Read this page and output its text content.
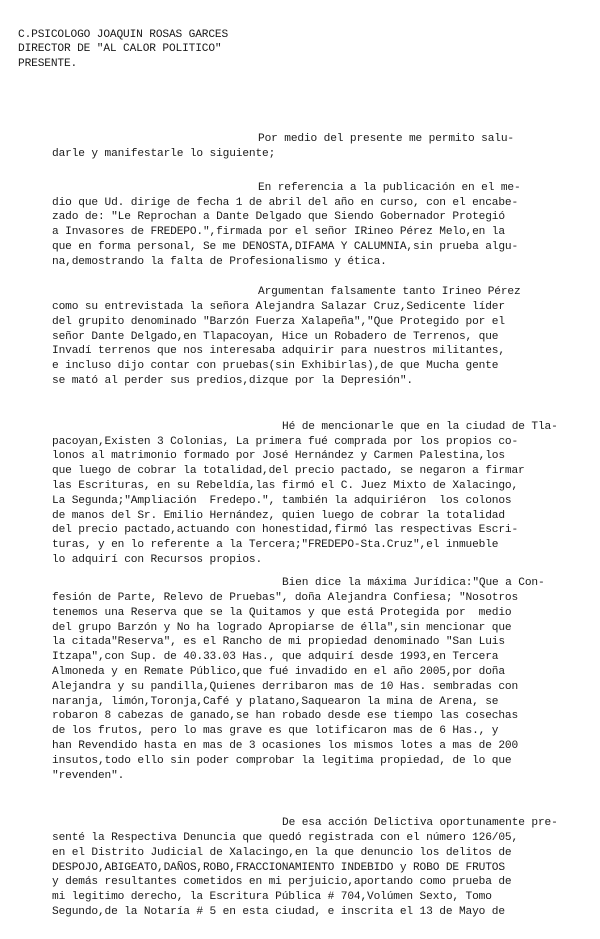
C.PSICOLOGO JOAQUIN ROSAS GARCES
DIRECTOR DE "AL CALOR POLITICO"
PRESENTE.
Por medio del presente me permito salu-
darle y manifestarle lo siguiente;
En referencia a la publicación en el me-
dio que Ud. dirige de fecha 1 de abril del año en curso, con el encabe-
zado de: "Le Reprochan a Dante Delgado que Siendo Gobernador Protegió
a Invasores de FREDEPO.",firmada por el señor IRineo Pérez Melo,en la
que en forma personal, Se me DENOSTA,DIFAMA Y CALUMNIA,sin prueba algu-
na,demostrando la falta de Profesionalismo y ética.
Argumentan falsamente tanto Irineo Pérez
como su entrevistada la señora Alejandra Salazar Cruz,Sedicente líder
del grupito denominado "Barzón Fuerza Xalapeña","Que Protegido por el
señor Dante Delgado,en Tlapacoyan, Hice un Robadero de Terrenos, que
Invadí terrenos que nos interesaba adquirir para nuestros militantes,
e incluso dijo contar con pruebas(sin Exhibirlas),de que Mucha gente
se mató al perder sus predios,dizque por la Depresión".
Hé de mencionarle que en la ciudad de Tla-
pacoyan,Existen 3 Colonias, La primera fué comprada por los propios co-
lonos al matrimonio formado por José Hernández y Carmen Palestina,los
que luego de cobrar la totalidad,del precio pactado, se negaron a firmar
las Escrituras, en su Rebeldía,las firmó el C. Juez Mixto de Xalacingo,
La Segunda;"Ampliación  Fredepo.", también la adquiriéron  los colonos
de manos del Sr. Emilio Hernández, quien luego de cobrar la totalidad
del precio pactado,actuando con honestidad,firmó las respectivas Escri-
turas, y en lo referente a la Tercera;"FREDEPO-Sta.Cruz",el inmueble
lo adquirí con Recursos propios.
Bien dice la máxima Jurídica:"Que a Con-
fesión de Parte, Relevo de Pruebas", doña Alejandra Confiesa; "Nosotros
tenemos una Reserva que se la Quitamos y que está Protegida por  medio
del grupo Barzón y No ha logrado Apropiarse de élla",sin mencionar que
la citada"Reserva", es el Rancho de mi propiedad denominado "San Luis
Itzapa",con Sup. de 40.33.03 Has., que adquirí desde 1993,en Tercera
Almoneda y en Remate Público,que fué invadido en el año 2005,por doña
Alejandra y su pandilla,Quienes derribaron mas de 10 Has. sembradas con
naranja, limón,Toronja,Café y platano,Saquearon la mina de Arena, se
robaron 8 cabezas de ganado,se han robado desde ese tiempo las cosechas
de los frutos, pero lo mas grave es que lotificaron mas de 6 Has., y
han Revendido hasta en mas de 3 ocasiones los mismos lotes a mas de 200
insutos,todo ello sin poder comprobar la legitima propiedad, de lo que
"revenden".
De esa acción Delictiva oportunamente pre-
senté la Respectiva Denuncia que quedó registrada con el número 126/05,
en el Distrito Judicial de Xalacingo,en la que denuncio los delitos de
DESPOJO,ABIGEATO,DAÑOS,ROBO,FRACCIONAMIENTO INDEBIDO y ROBO DE FRUTOS
y demás resultantes cometidos en mi perjuicio,aportando como prueba de
mi legitimo derecho, la Escritura Pública # 704,Volúmen Sexto, Tomo
Segundo,de la Notaría # 5 en esta ciudad, e inscrita el 13 de Mayo de
